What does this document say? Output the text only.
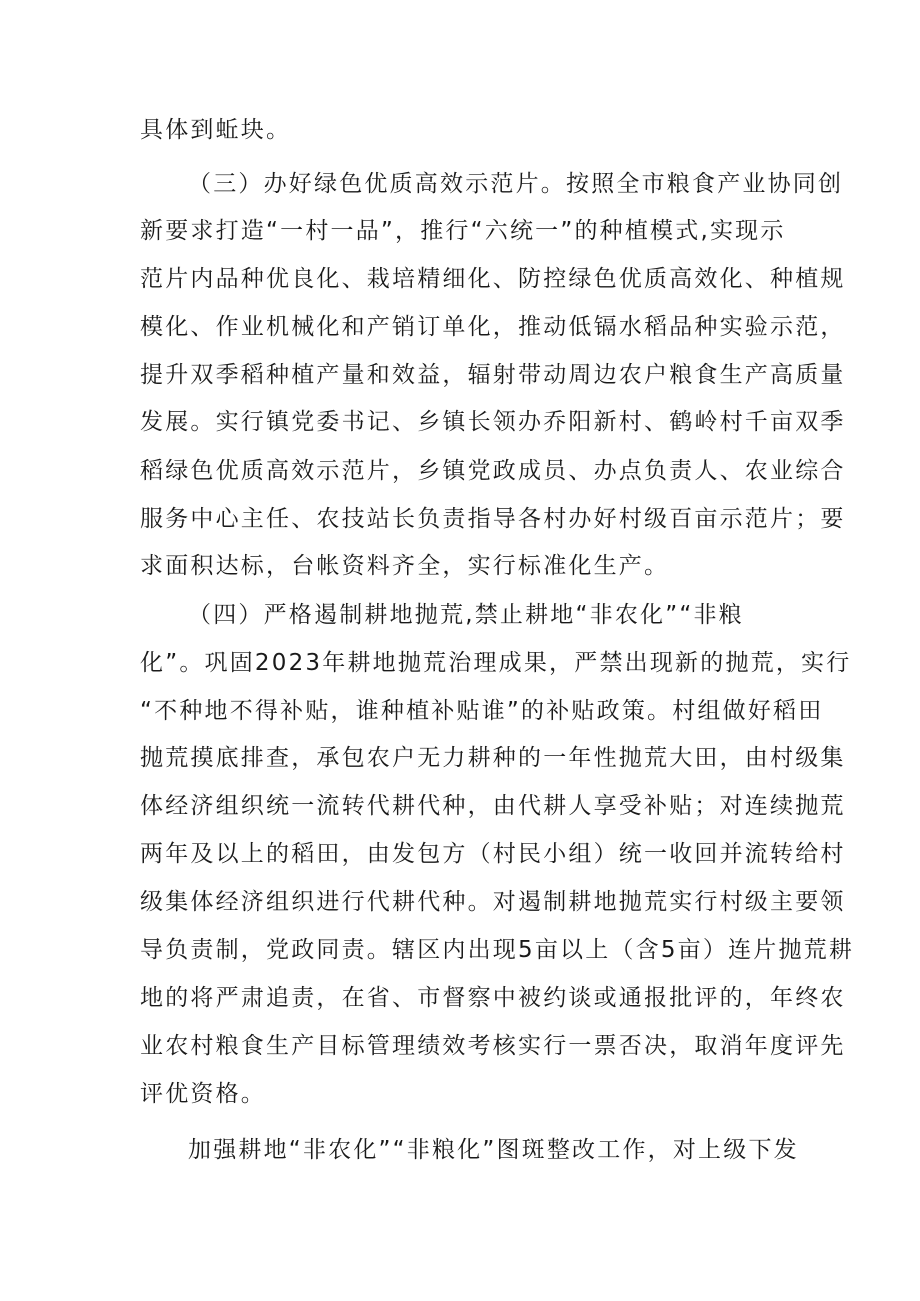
具体到蚯块。
（三）办好绿色优质高效示范片。按照全市粮食产业协同创
新要求打造“一村一品”，推行“六统一”的种植模式,实现示
范片内品种优良化、栽培精细化、防控绿色优质高效化、种植规
模化、作业机械化和产销订单化，推动低镉水稻品种实验示范，
提升双季稻种植产量和效益，辐射带动周边农户粮食生产高质量
发展。实行镇党委书记、乡镇长领办乔阳新村、鹤岭村千亩双季
稻绿色优质高效示范片，乡镇党政成员、办点负责人、农业综合
服务中心主任、农技站长负责指导各村办好村级百亩示范片；要
求面积达标，台帐资料齐全，实行标准化生产。
（四）严格遏制耕地抛荒,禁止耕地“非农化”“非粮
化”。巩固2023年耕地抛荒治理成果，严禁出现新的抛荒，实行
“不种地不得补贴，谁种植补贴谁”的补贴政策。村组做好稻田
抛荒摸底排查，承包农户无力耕种的一年性抛荒大田，由村级集
体经济组织统一流转代耕代种，由代耕人享受补贴；对连续抛荒
两年及以上的稻田，由发包方（村民小组）统一收回并流转给村
级集体经济组织进行代耕代种。对遏制耕地抛荒实行村级主要领
导负责制，党政同责。辖区内出现5亩以上（含5亩）连片抛荒耕
地的将严肃追责，在省、市督察中被约谈或通报批评的，年终农
业农村粮食生产目标管理绩效考核实行一票否决，取消年度评先
评优资格。
加强耕地“非农化”“非粮化”图斑整改工作，对上级下发
